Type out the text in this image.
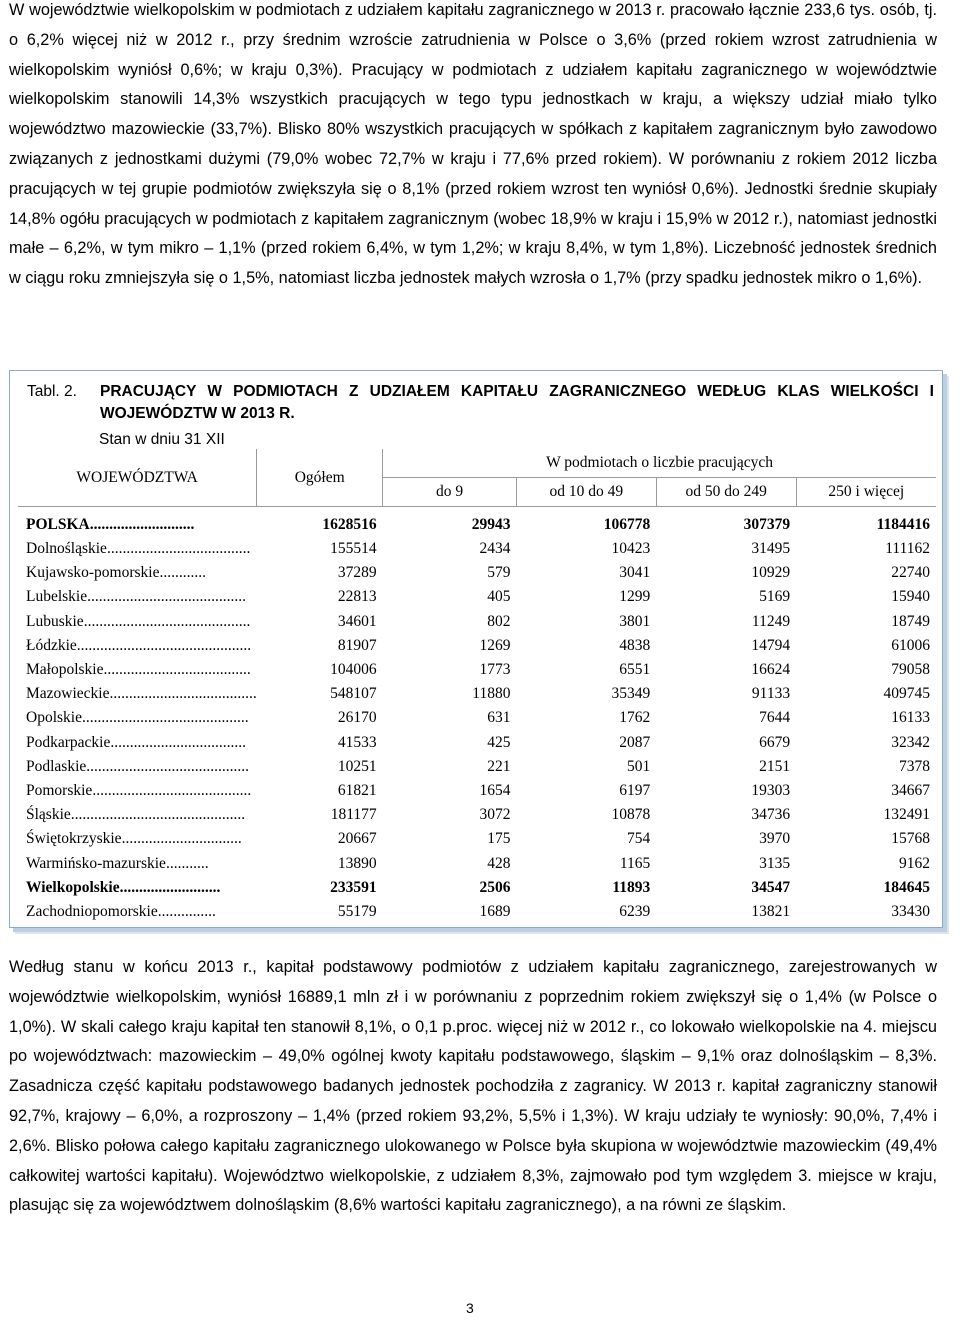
W województwie wielkopolskim w podmiotach z udziałem kapitału zagranicznego w 2013 r. pracowało łącznie 233,6 tys. osób, tj. o 6,2% więcej niż w 2012 r., przy średnim wzroście zatrudnienia w Polsce o 3,6% (przed rokiem wzrost zatrudnienia w wielkopolskim wyniósł 0,6%; w kraju 0,3%). Pracujący w podmiotach z udziałem kapitału zagranicznego w województwie wielkopolskim stanowili 14,3% wszystkich pracujących w tego typu jednostkach w kraju, a większy udział miało tylko województwo mazowieckie (33,7%). Blisko 80% wszystkich pracujących w spółkach z kapitałem zagranicznym było zawodowo związanych z jednostkami dużymi (79,0% wobec 72,7% w kraju i 77,6% przed rokiem). W porównaniu z rokiem 2012 liczba pracujących w tej grupie podmiotów zwiększyła się o 8,1% (przed rokiem wzrost ten wyniósł 0,6%). Jednostki średnie skupiały 14,8% ogółu pracujących w podmiotach z kapitałem zagranicznym (wobec 18,9% w kraju i 15,9% w 2012 r.), natomiast jednostki małe – 6,2%, w tym mikro – 1,1% (przed rokiem 6,4%, w tym 1,2%; w kraju 8,4%, w tym 1,8%). Liczebność jednostek średnich w ciągu roku zmniejszyła się o 1,5%, natomiast liczba jednostek małych wzrosła o 1,7% (przy spadku jednostek mikro o 1,6%).

Tabl. 2. PRACUJĄCY W PODMIOTACH Z UDZIAŁEM KAPITAŁU ZAGRANICZNEGO WEDŁUG KLAS WIELKOŚCI I WOJEWÓDZTW W 2013 R.
Stan w dniu 31 XII
WOJEWÓDZTWA	Ogółem	W podmiotach o liczbie pracujących			
		do 9	od 10 do 49	od 50 do 249	250 i więcej
POLSKA...........................	1628516	29943	106778	307379	1184416
Dolnośląskie.....................................	155514	2434	10423	31495	111162
Kujawsko-pomorskie............	37289	579	3041	10929	22740
Lubelskie.........................................	22813	405	1299	5169	15940
Lubuskie...........................................	34601	802	3801	11249	18749
Łódzkie.............................................	81907	1269	4838	14794	61006
Małopolskie......................................	104006	1773	6551	16624	79058
Mazowieckie......................................	548107	11880	35349	91133	409745
Opolskie...........................................	26170	631	1762	7644	16133
Podkarpackie...................................	41533	425	2087	6679	32342
Podlaskie..........................................	10251	221	501	2151	7378
Pomorskie.........................................	61821	1654	6197	19303	34667
Śląskie.............................................	181177	3072	10878	34736	132491
Świętokrzyskie...............................	20667	175	754	3970	15768
Warmińsko-mazurskie...........	13890	428	1165	3135	9162
Wielkopolskie..........................	233591	2506	11893	34547	184645
Zachodniopomorskie...............	55179	1689	6239	13821	33430

Według stanu w końcu 2013 r., kapitał podstawowy podmiotów z udziałem kapitału zagranicznego, zarejestrowanych w województwie wielkopolskim, wyniósł 16889,1 mln zł i w porównaniu z poprzednim rokiem zwiększył się o 1,4% (w Polsce o 1,0%). W skali całego kraju kapitał ten stanowił 8,1%, o 0,1 p.proc. więcej niż w 2012 r., co lokowało wielkopolskie na 4. miejscu po województwach: mazowieckim – 49,0% ogólnej kwoty kapitału podstawowego, śląskim – 9,1% oraz dolnośląskim – 8,3%. Zasadnicza część kapitału podstawowego badanych jednostek pochodziła z zagranicy. W 2013 r. kapitał zagraniczny stanowił 92,7%, krajowy – 6,0%, a rozproszony – 1,4% (przed rokiem 93,2%, 5,5% i 1,3%). W kraju udziały te wyniosły: 90,0%, 7,4% i 2,6%. Blisko połowa całego kapitału zagranicznego ulokowanego w Polsce była skupiona w województwie mazowieckim (49,4% całkowitej wartości kapitału). Województwo wielkopolskie, z udziałem 8,3%, zajmowało pod tym względem 3. miejsce w kraju, plasując się za województwem dolnośląskim (8,6% wartości kapitału zagranicznego), a na równi ze śląskim.

3
